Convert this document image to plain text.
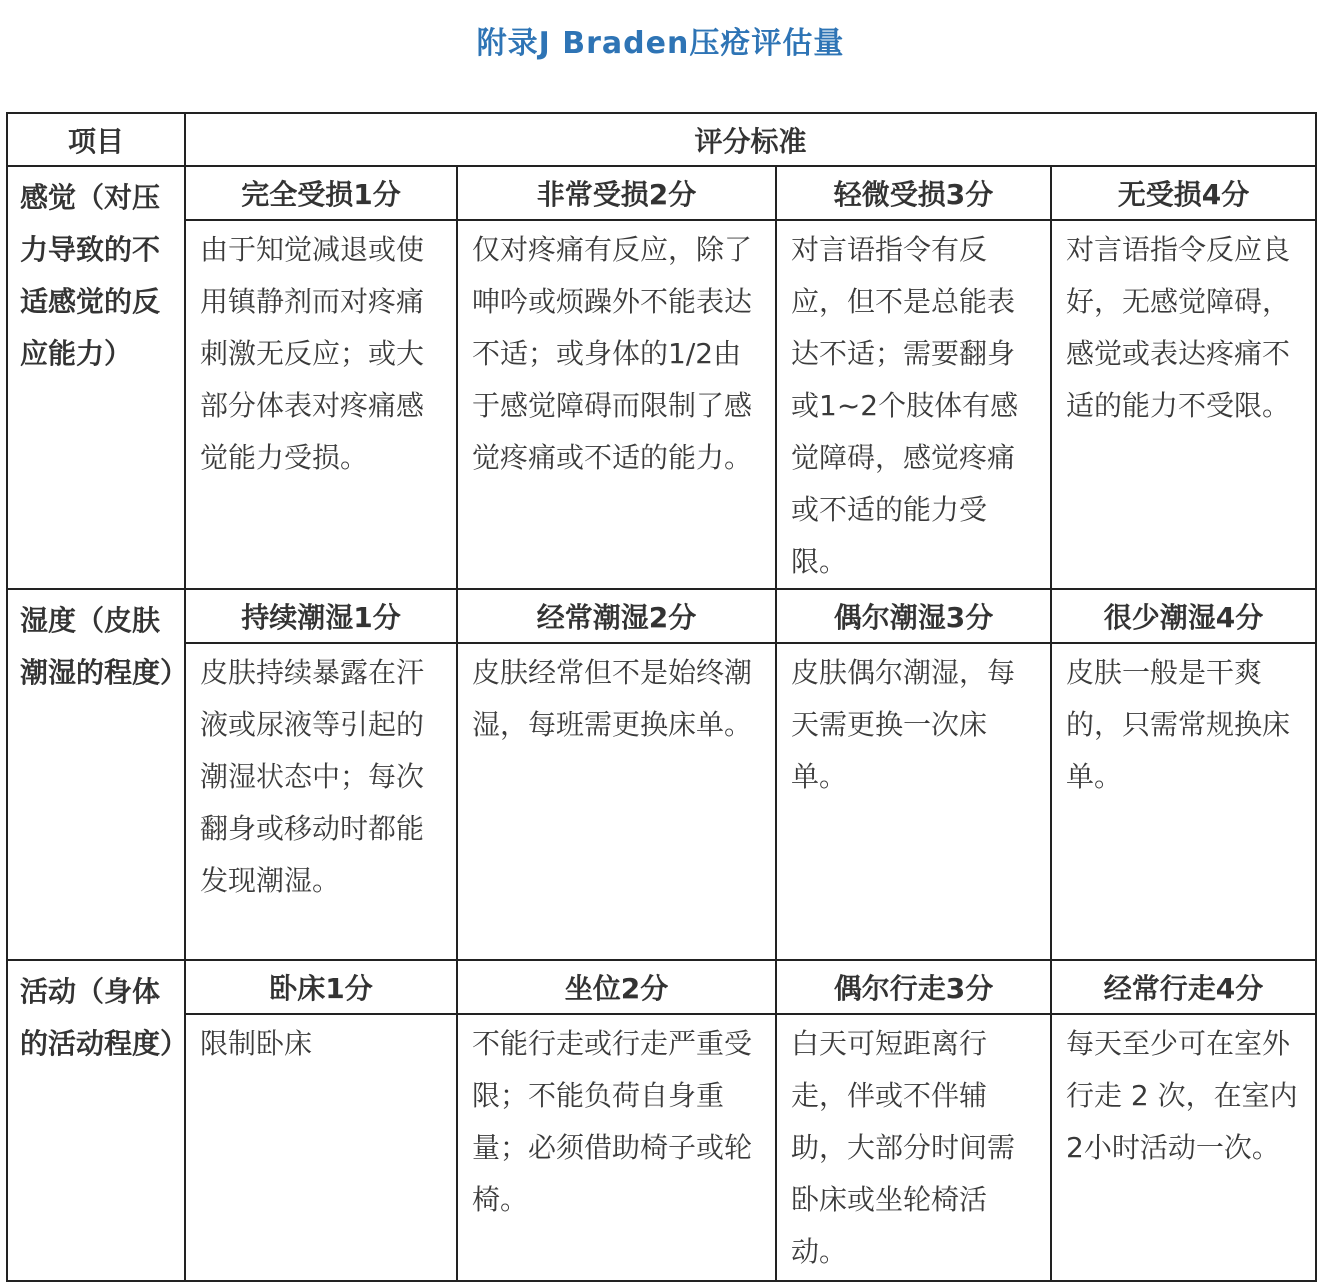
附录J Braden压疮评估量
项目	评分标准			
感觉（对压力导致的不适感觉的反应能力）	完全受损1分	非常受损2分	轻微受损3分	无受损4分
	由于知觉减退或使用镇静剂而对疼痛刺激无反应；或大部分体表对疼痛感觉能力受损。	仅对疼痛有反应，除了呻吟或烦躁外不能表达不适；或身体的1/2由于感觉障碍而限制了感觉疼痛或不适的能力。	对言语指令有反应，但不是总能表达不适；需要翻身或1~2个肢体有感觉障碍，感觉疼痛或不适的能力受限。	对言语指令反应良好，无感觉障碍，感觉或表达疼痛不适的能力不受限。
湿度（皮肤潮湿的程度）	持续潮湿1分	经常潮湿2分	偶尔潮湿3分	很少潮湿4分
	皮肤持续暴露在汗液或尿液等引起的潮湿状态中；每次翻身或移动时都能发现潮湿。	皮肤经常但不是始终潮湿，每班需更换床单。	皮肤偶尔潮湿，每天需更换一次床单。	皮肤一般是干爽的，只需常规换床单。
活动（身体的活动程度）	卧床1分	坐位2分	偶尔行走3分	经常行走4分
	限制卧床	不能行走或行走严重受限；不能负荷自身重量；必须借助椅子或轮椅。	白天可短距离行走，伴或不伴辅助，大部分时间需卧床或坐轮椅活动。	每天至少可在室外行走 2 次，在室内2小时活动一次。
